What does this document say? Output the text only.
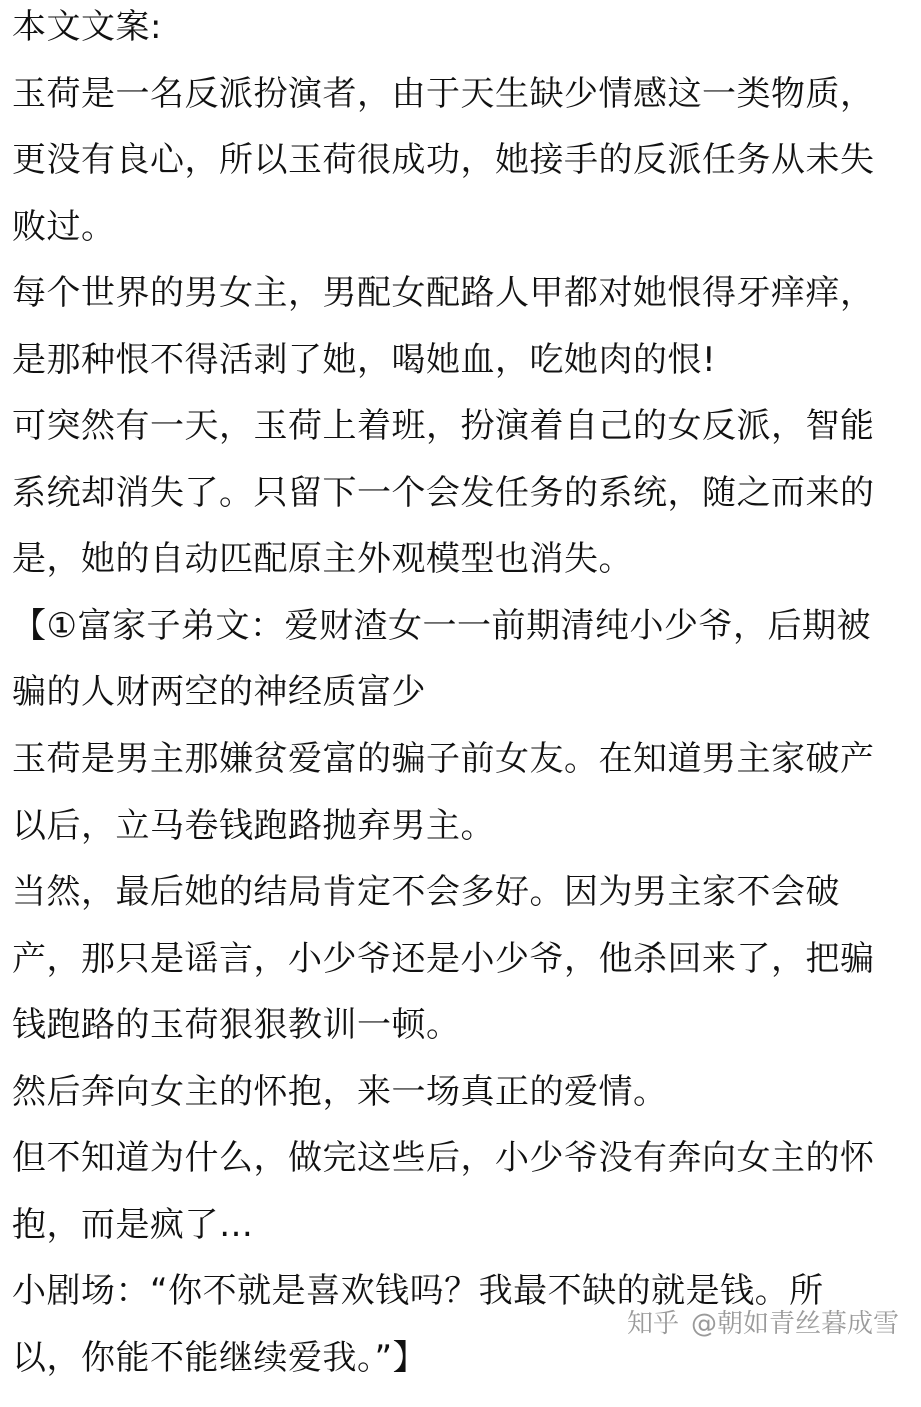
本文文案:
玉荷是一名反派扮演者，由于天生缺少情感这一类物质，
更没有良心，所以玉荷很成功，她接手的反派任务从未失
败过。
每个世界的男女主，男配女配路人甲都对她恨得牙痒痒，
是那种恨不得活剥了她，喝她血，吃她肉的恨!
可突然有一天，玉荷上着班，扮演着自己的女反派，智能
系统却消失了。只留下一个会发任务的系统，随之而来的
是，她的自动匹配原主外观模型也消失。
【①富家子弟文：爱财渣女一一前期清纯小少爷，后期被
骗的人财两空的神经质富少
玉荷是男主那嫌贫爱富的骗子前女友。在知道男主家破产
以后，立马卷钱跑路抛弃男主。
当然，最后她的结局肯定不会多好。因为男主家不会破
产，那只是谣言，小少爷还是小少爷，他杀回来了，把骗
钱跑路的玉荷狠狠教训一顿。
然后奔向女主的怀抱，来一场真正的爱情。
但不知道为什么，做完这些后，小少爷没有奔向女主的怀
抱，而是疯了…
小剧场：“你不就是喜欢钱吗？我最不缺的就是钱。所
以，你能不能继续爱我。”】
知乎 @朝如青丝暮成雪
